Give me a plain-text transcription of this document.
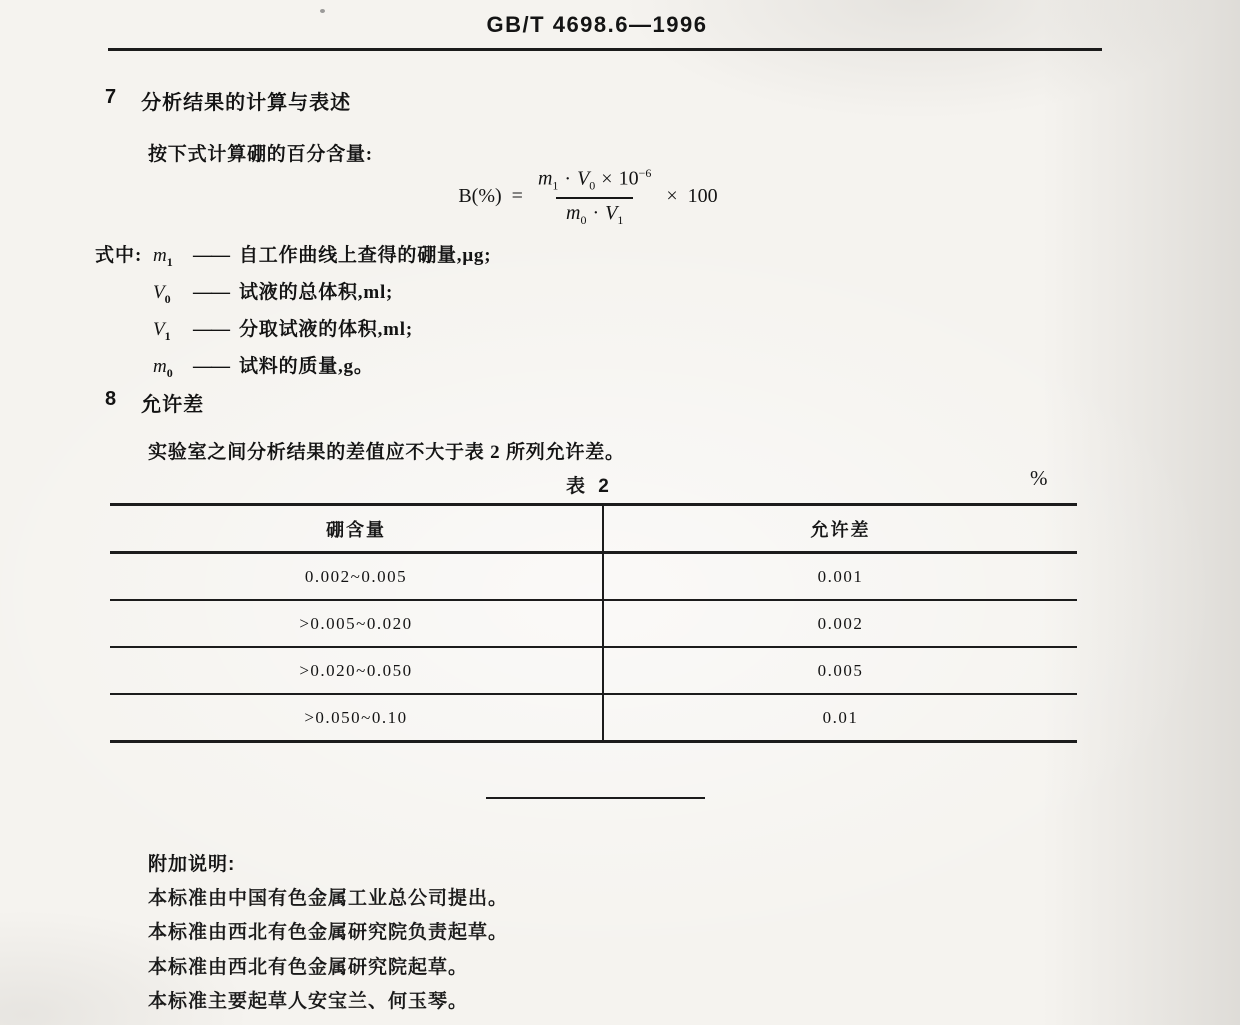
GB/T 4698.6—1996
7 分析结果的计算与表述
按下式计算硼的百分含量:
$B(\%) = \frac{m_1 \cdot V_0 \times 10^{-6}}{m_0 \cdot V_1} \times 100$
式中: $m_1$	—— 自工作曲线上查得的硼量,μg;
$V_0$	—— 试液的总体积,ml;
$V_1$	—— 分取试液的体积,ml;
$m_0$	—— 试料的质量,g。
8 允许差
实验室之间分析结果的差值应不大于表 2 所列允许差。
表 2	%
硼含量	允许差
0.002~0.005	0.001
>0.005~0.020	0.002
>0.020~0.050	0.005
>0.050~0.10	0.01
附加说明:
本标准由中国有色金属工业总公司提出。
本标准由西北有色金属研究院负责起草。
本标准由西北有色金属研究院起草。
本标准主要起草人安宝兰、何玉琴。
